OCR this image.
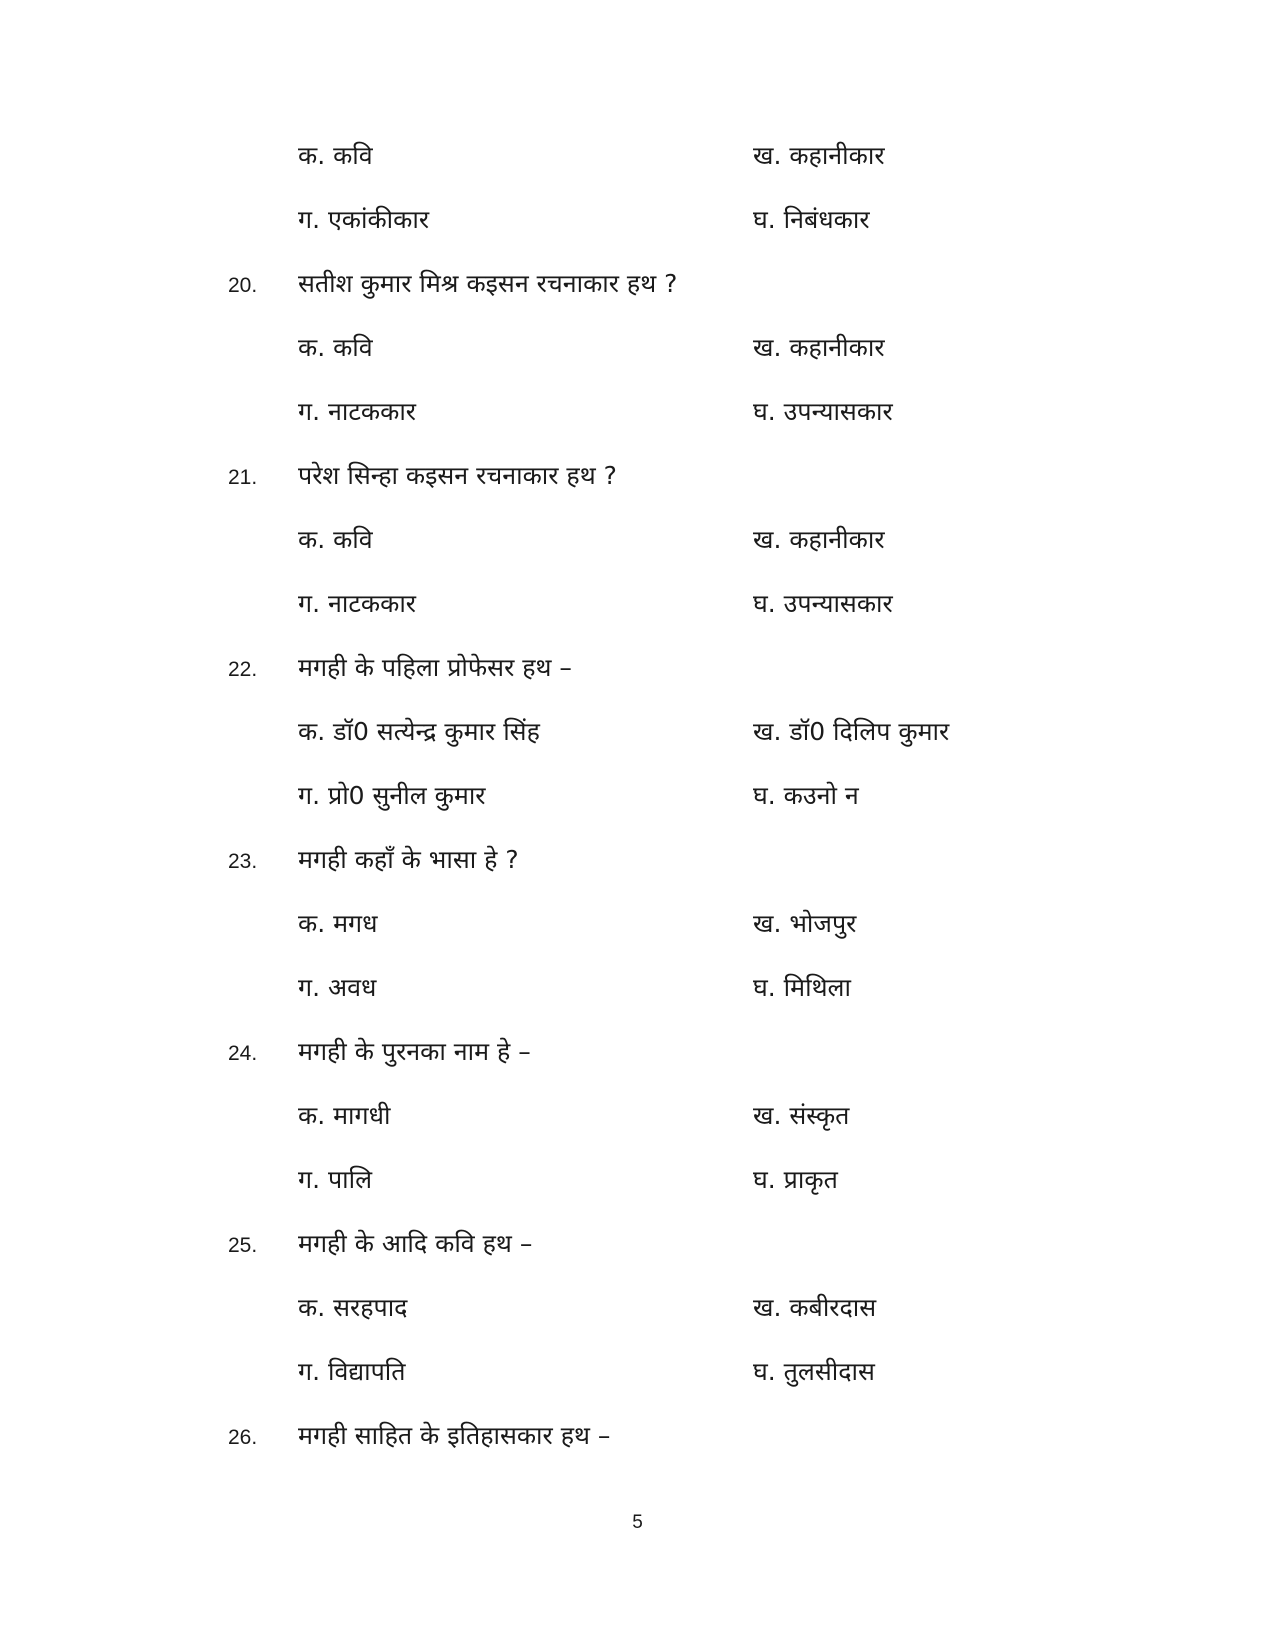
क. कवि	ख. कहानीकार
ग. एकांकीकार	घ. निबंधकार
20. सतीश कुमार मिश्र कइसन रचनाकार हथ ?
क. कवि	ख. कहानीकार
ग. नाटककार	घ. उपन्यासकार
21. परेश सिन्हा कइसन रचनाकार हथ ?
क. कवि	ख. कहानीकार
ग. नाटककार	घ. उपन्यासकार
22. मगही के पहिला प्रोफेसर हथ –
क. डॉ0 सत्येन्द्र कुमार सिंह	ख. डॉ0 दिलिप कुमार
ग. प्रो0 सुनील कुमार	घ. कउनो न
23. मगही कहाँ के भासा हे ?
क. मगध	ख. भोजपुर
ग. अवध	घ. मिथिला
24. मगही के पुरनका नाम हे –
क. मागधी	ख. संस्कृत
ग. पालि	घ. प्राकृत
25. मगही के आदि कवि हथ –
क. सरहपाद	ख. कबीरदास
ग. विद्यापति	घ. तुलसीदास
26. मगही साहित के इतिहासकार हथ –
5
